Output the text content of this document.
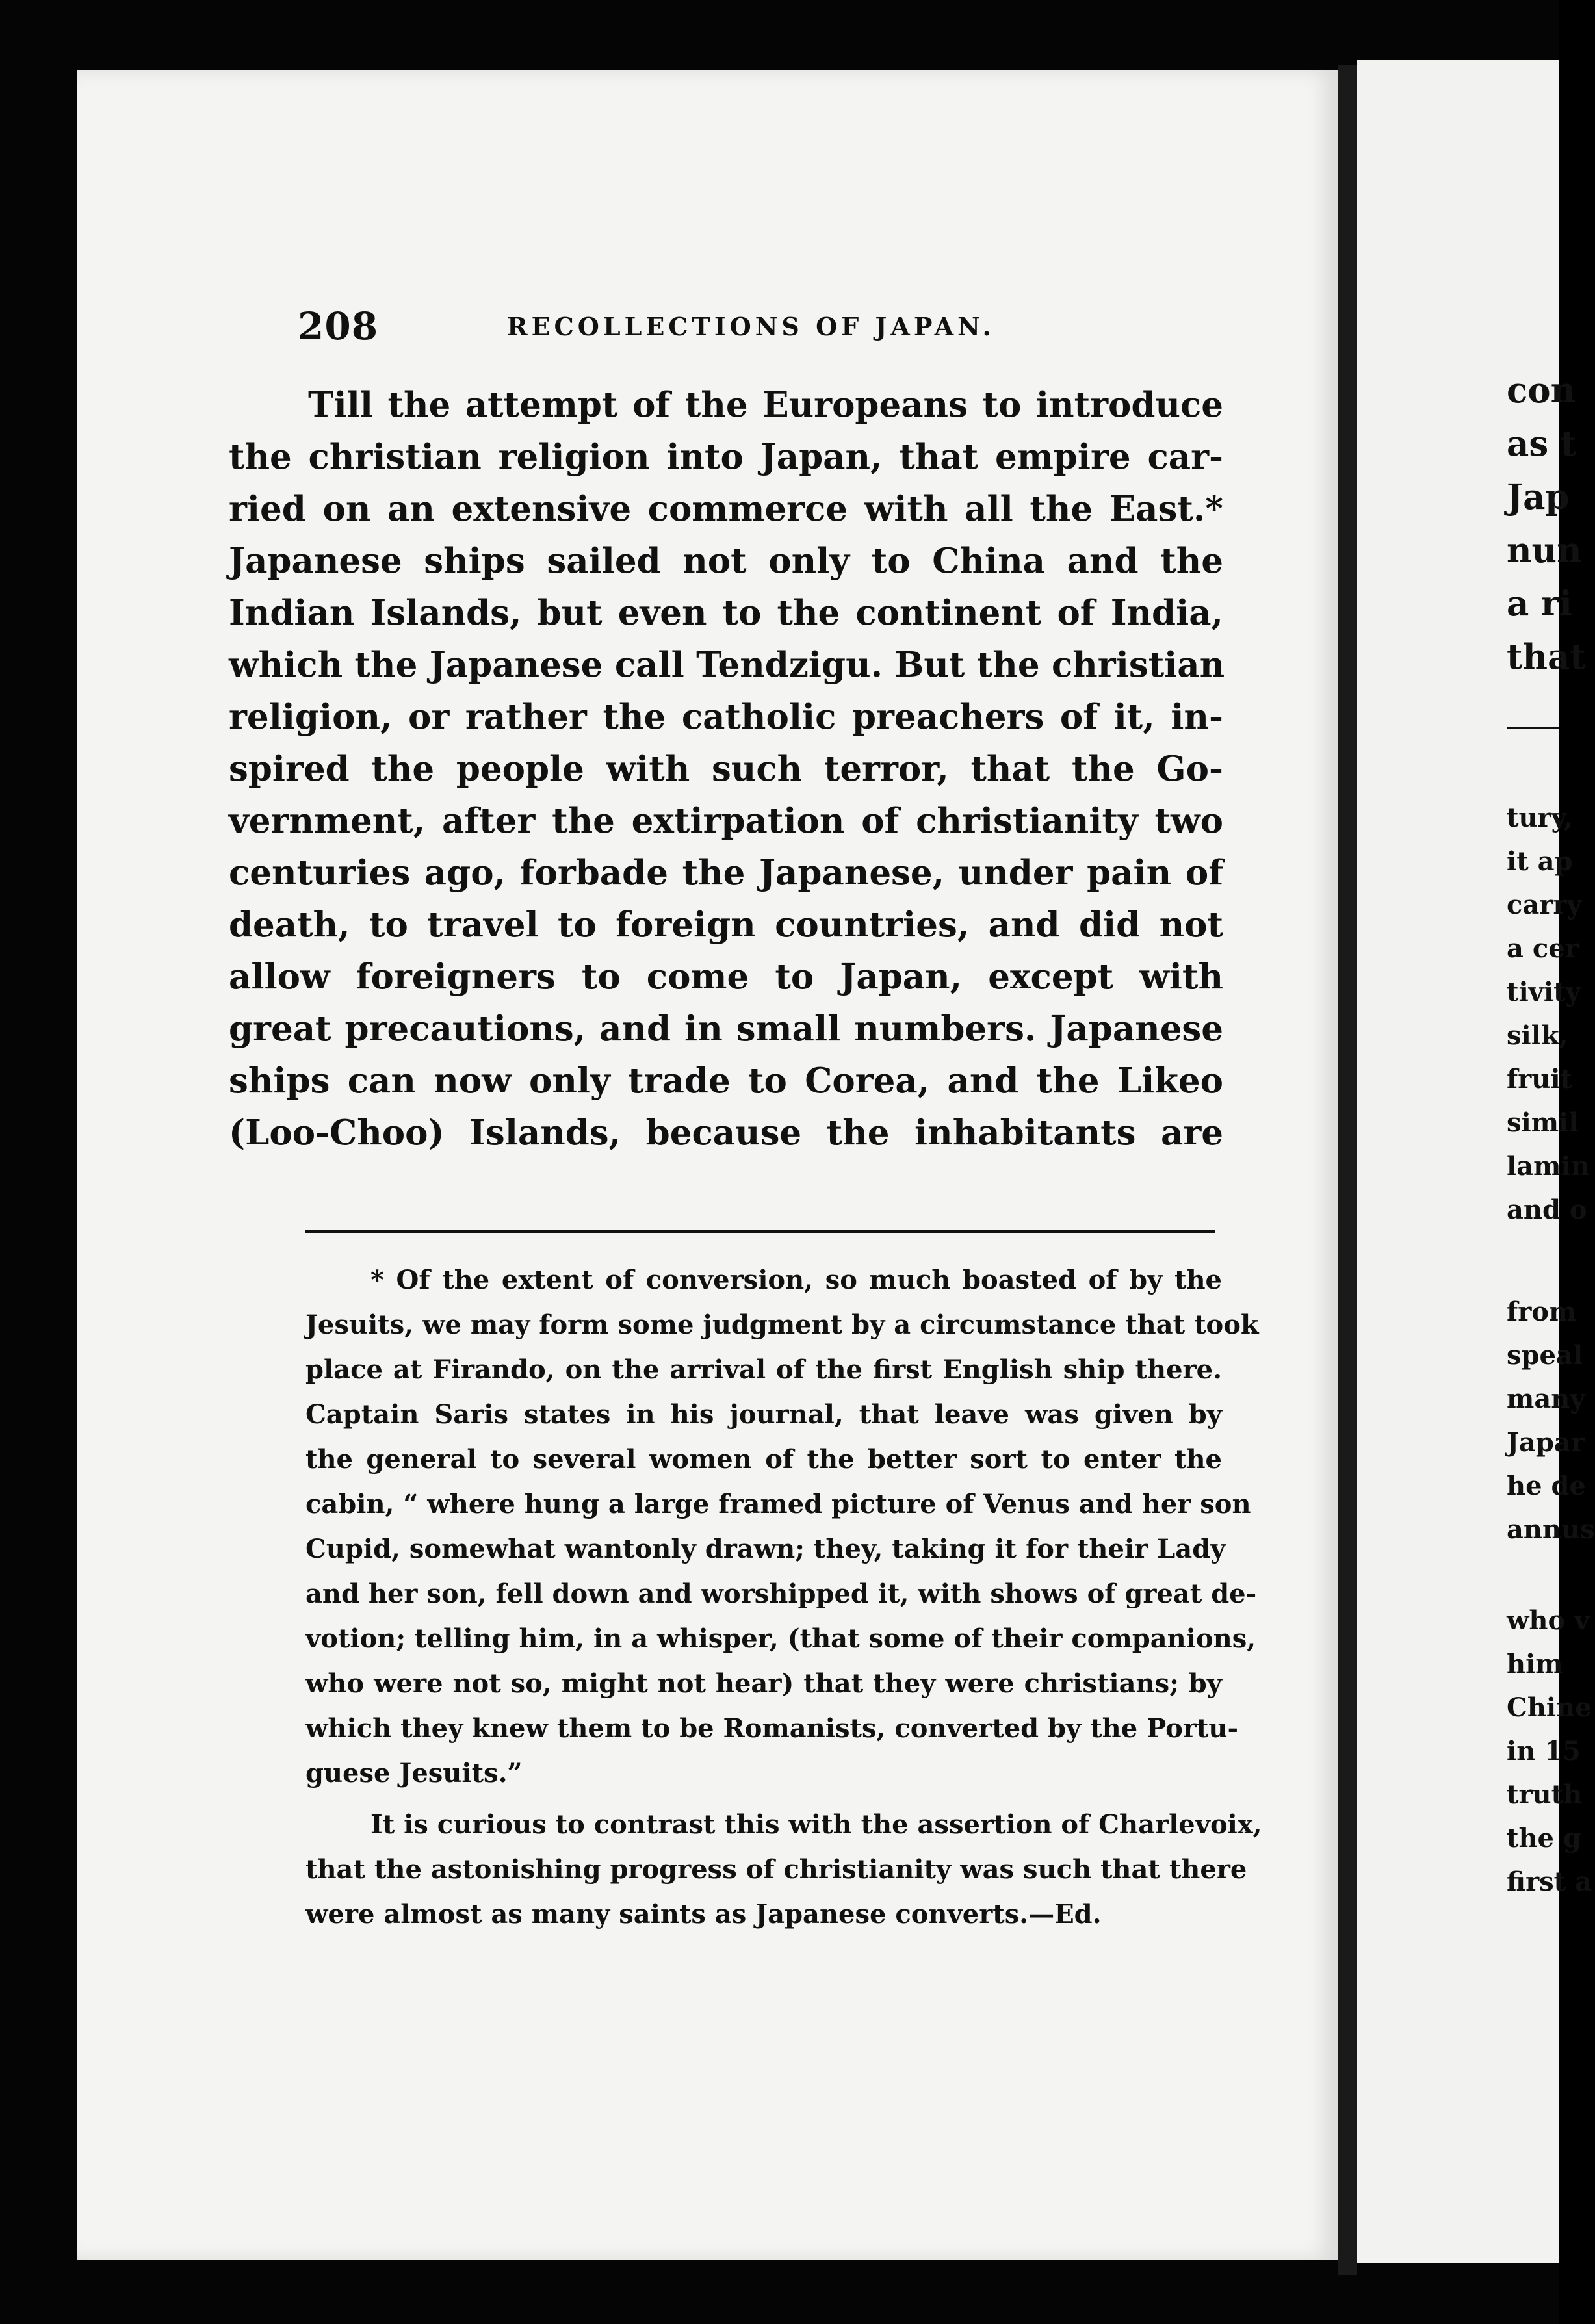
208	RECOLLECTIONS OF JAPAN.
Till the attempt of the Europeans to introduce
the christian religion into Japan, that empire car-
ried on an extensive commerce with all the East.*
Japanese ships sailed not only to China and the
Indian Islands, but even to the continent of India,
which the Japanese call Tendzigu. But the christian
religion, or rather the catholic preachers of it, in-
spired the people with such terror, that the Go-
vernment, after the extirpation of christianity two
centuries ago, forbade the Japanese, under pain of
death, to travel to foreign countries, and did not
allow foreigners to come to Japan, except with
great precautions, and in small numbers. Japanese
ships can now only trade to Corea, and the Likeo
(Loo-Choo) Islands, because the inhabitants are
* Of the extent of conversion, so much boasted of by the
Jesuits, we may form some judgment by a circumstance that took
place at Firando, on the arrival of the first English ship there.
Captain Saris states in his journal, that leave was given by
the general to several women of the better sort to enter the
cabin, “ where hung a large framed picture of Venus and her son
Cupid, somewhat wantonly drawn; they, taking it for their Lady
and her son, fell down and worshipped it, with shows of great de-
votion; telling him, in a whisper, (that some of their companions,
who were not so, might not hear) that they were christians; by
which they knew them to be Romanists, converted by the Portu-
guese Jesuits.”
It is curious to contrast this with the assertion of Charlevoix,
that the astonishing progress of christianity was such that there
were almost as many saints as Japanese converts.—Ed.
con
as t
Jap
nun
a ri
that
tury,
it ap
carry
a cer
tivity
silk,
fruit
simil
lamin
and o
from
speal
many
Japar
he de
annus
who v
him
Chine
in 15
truth
the g
first a
